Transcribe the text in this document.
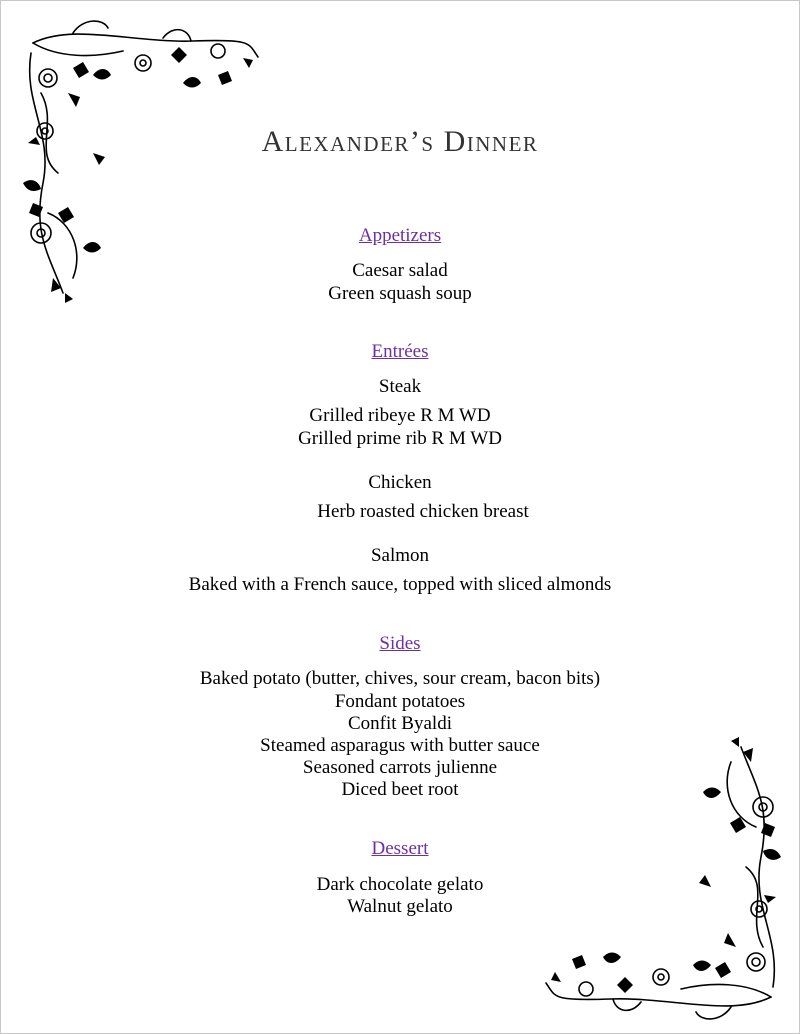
Alexander’s Dinner
Appetizers
Caesar salad
Green squash soup
Entrées
Steak
Grilled ribeye R M WD
Grilled prime rib R M WD
Chicken
Herb roasted chicken breast
Salmon
Baked with a French sauce, topped with sliced almonds
Sides
Baked potato (butter, chives, sour cream, bacon bits)
Fondant potatoes
Confit Byaldi
Steamed asparagus with butter sauce
Seasoned carrots julienne
Diced beet root
Dessert
Dark chocolate gelato
Walnut gelato
